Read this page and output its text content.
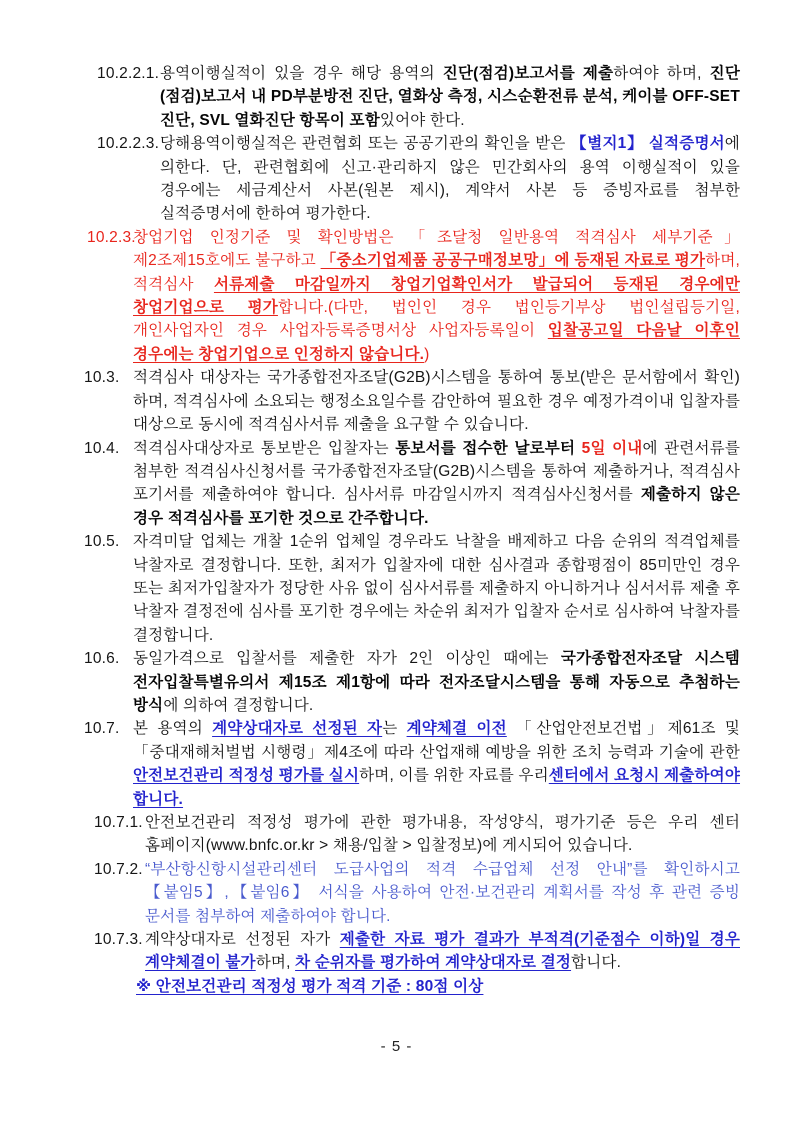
10.2.2.1. 용역이행실적이 있을 경우 해당 용역의 진단(점검)보고서를 제출하여야 하며, 진단(점검)보고서 내 PD부분방전 진단, 열화상 측정, 시스순환전류 분석, 케이블 OFF-SET 진단, SVL 열화진단 항목이 포함있어야 한다.
10.2.2.3. 당해용역이행실적은 관련협회 또는 공공기관의 확인을 받은 【별지1】 실적증명서에 의한다. 단, 관련협회에 신고·관리하지 않은 민간회사의 용역 이행실적이 있을 경우에는 세금계산서 사본(원본 제시), 계약서 사본 등 증빙자료를 첨부한 실적증명서에 한하여 평가한다.
10.2.3.
창업기업 인정기준 및 확인방법은 「조달청 일반용역 적격심사 세부기준」 제2조제15호에도 불구하고 「중소기업제품 공공구매정보망」에 등재된 자료로 평가하며, 적격심사 서류제출 마감일까지 창업기업확인서가 발급되어 등재된 경우에만 창업기업으로 평가합니다.(다만, 법인인 경우 법인등기부상 법인설립등기일, 개인사업자인 경우 사업자등록증명서상 사업자등록일이 입찰공고일 다음날 이후인 경우에는 창업기업으로 인정하지 않습니다.)
10.3. 적격심사 대상자는 국가종합전자조달(G2B)시스템을 통하여 통보(받은 문서함에서 확인)하며, 적격심사에 소요되는 행정소요일수를 감안하여 필요한 경우 예정가격이내 입찰자를 대상으로 동시에 적격심사서류 제출을 요구할 수 있습니다.
10.4. 적격심사대상자로 통보받은 입찰자는 통보서를 접수한 날로부터 5일 이내에 관련서류를 첨부한 적격심사신청서를 국가종합전자조달(G2B)시스템을 통하여 제출하거나, 적격심사 포기서를 제출하여야 합니다. 심사서류 마감일시까지 적격심사신청서를 제출하지 않은 경우 적격심사를 포기한 것으로 간주합니다.
10.5. 자격미달 업체는 개찰 1순위 업체일 경우라도 낙찰을 배제하고 다음 순위의 적격업체를 낙찰자로 결정합니다. 또한, 최저가 입찰자에 대한 심사결과 종합평점이 85미만인 경우 또는 최저가입찰자가 정당한 사유 없이 심사서류를 제출하지 아니하거나 심서서류 제출 후 낙찰자 결정전에 심사를 포기한 경우에는 차순위 최저가 입찰자 순서로 심사하여 낙찰자를 결정합니다.
10.6. 동일가격으로 입찰서를 제출한 자가 2인 이상인 때에는 국가종합전자조달 시스템 전자입찰특별유의서 제15조 제1항에 따라 전자조달시스템을 통해 자동으로 추첨하는 방식에 의하여 결정합니다.
10.7. 본 용역의 계약상대자로 선정된 자는 계약체결 이전 「산업안전보건법」제61조 및 「중대재해처벌법 시행령」제4조에 따라 산업재해 예방을 위한 조치 능력과 기술에 관한 안전보건관리 적정성 평가를 실시하며, 이를 위한 자료를 우리센터에서 요청시 제출하여야 합니다.
10.7.1. 안전보건관리 적정성 평가에 관한 평가내용, 작성양식, 평가기준 등은 우리 센터 홈페이지(www.bnfc.or.kr > 채용/입찰 > 입찰정보)에 게시되어 있습니다.
10.7.2. “부산항신항시설관리센터 도급사업의 적격 수급업체 선정 안내”를 확인하시고 【붙임5】,【붙임6】 서식을 사용하여 안전·보건관리 계획서를 작성 후 관련 증빙 문서를 첨부하여 제출하여야 합니다.
10.7.3. 계약상대자로 선정된 자가 제출한 자료 평가 결과가 부적격(기준점수 이하)일 경우 계약체결이 불가하며, 차 순위자를 평가하여 계약상대자로 결정합니다.
※ 안전보건관리 적정성 평가 적격 기준 : 80점 이상
- 5 -
